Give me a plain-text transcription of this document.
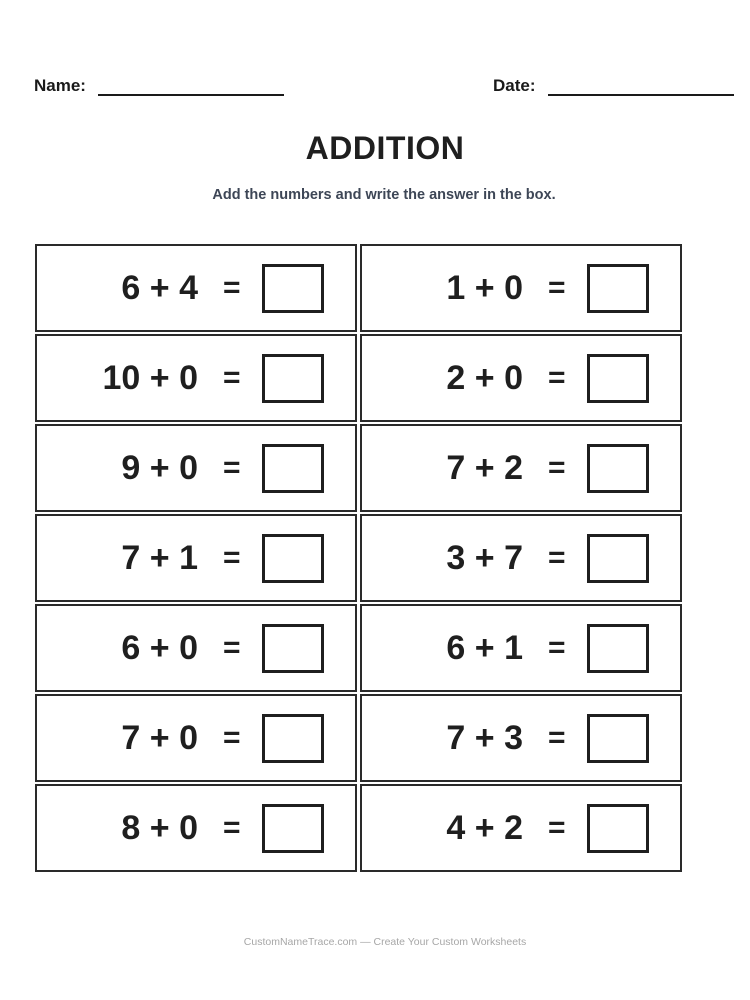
Name:	Date:
ADDITION
Add the numbers and write the answer in the box.
6 + 4 =	1 + 0 =
10 + 0 =	2 + 0 =
9 + 0 =	7 + 2 =
7 + 1 =	3 + 7 =
6 + 0 =	6 + 1 =
7 + 0 =	7 + 3 =
8 + 0 =	4 + 2 =
CustomNameTrace.com — Create Your Custom Worksheets
